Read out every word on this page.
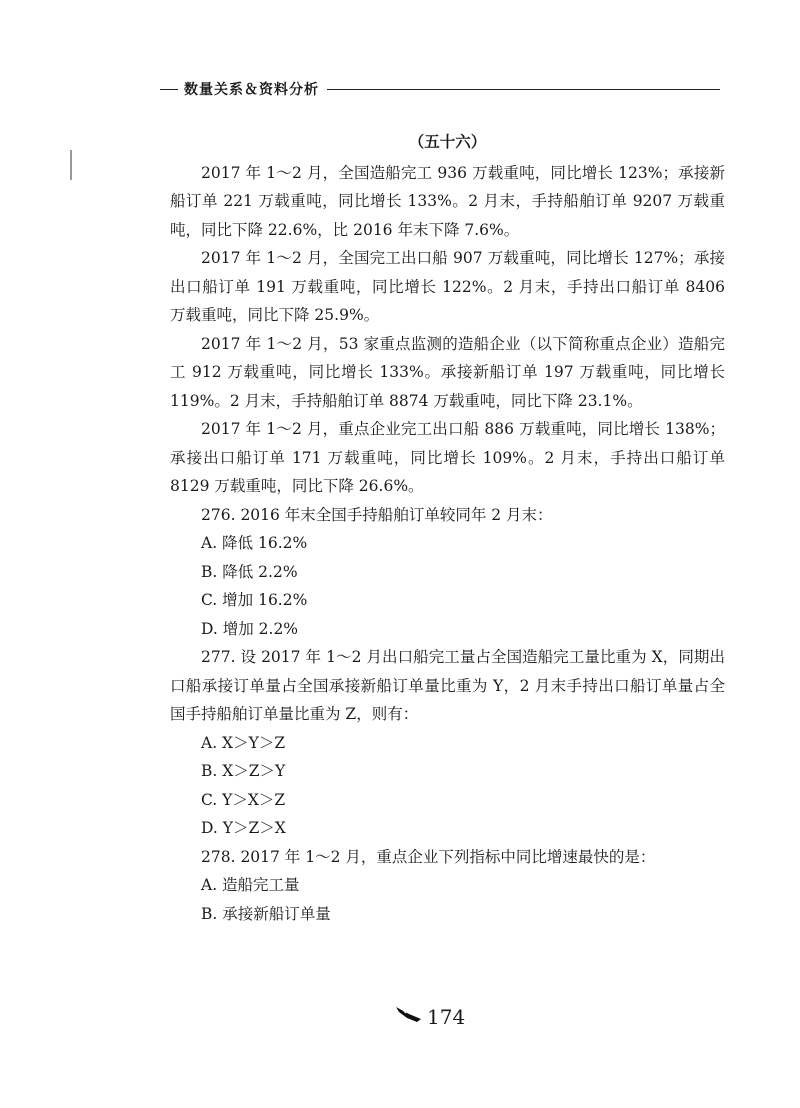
数量关系＆资料分析
（五十六）

2017 年 1～2 月，全国造船完工 936 万载重吨，同比增长 123%；承接新船订单 221 万载重吨，同比增长 133%。2 月末，手持船舶订单 9207 万载重吨，同比下降 22.6%，比 2016 年末下降 7.6%。

2017 年 1～2 月，全国完工出口船 907 万载重吨，同比增长 127%；承接出口船订单 191 万载重吨，同比增长 122%。2 月末，手持出口船订单 8406 万载重吨，同比下降 25.9%。

2017 年 1～2 月，53 家重点监测的造船企业（以下简称重点企业）造船完工 912 万载重吨，同比增长 133%。承接新船订单 197 万载重吨，同比增长 119%。2 月末，手持船舶订单 8874 万载重吨，同比下降 23.1%。

2017 年 1～2 月，重点企业完工出口船 886 万载重吨，同比增长 138%；承接出口船订单 171 万载重吨，同比增长 109%。2 月末，手持出口船订单 8129 万载重吨，同比下降 26.6%。

276. 2016 年末全国手持船舶订单较同年 2 月末：

A. 降低 16.2%

B. 降低 2.2%

C. 增加 16.2%

D. 增加 2.2%

277. 设 2017 年 1～2 月出口船完工量占全国造船完工量比重为 X，同期出口船承接订单量占全国承接新船订单量比重为 Y，2 月末手持出口船订单量占全国手持船舶订单量比重为 Z，则有：

A. X＞Y＞Z

B. X＞Z＞Y

C. Y＞X＞Z

D. Y＞Z＞X

278. 2017 年 1～2 月，重点企业下列指标中同比增速最快的是：

A. 造船完工量

B. 承接新船订单量

174
